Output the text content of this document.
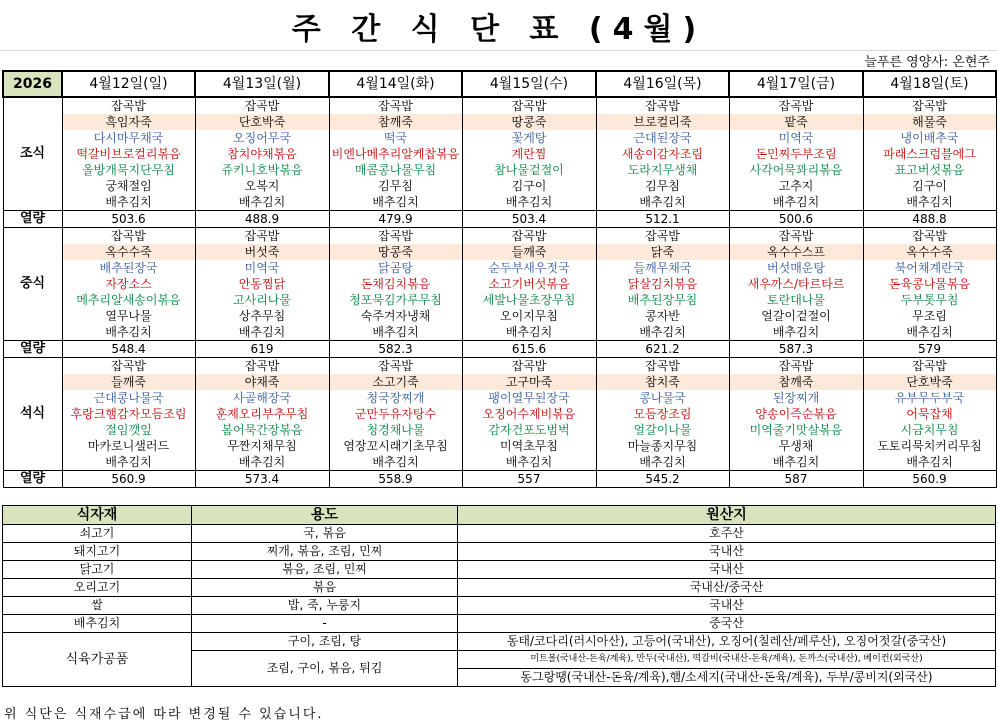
주 간 식 단 표 (4월)
늘푸른 영양사: 온현주
2026	4월12일(일)	4월13일(월)	4월14일(화)	4월15일(수)	4월16일(목)	4월17일(금)	4월18일(토)
조식	잡곡밥	잡곡밥	잡곡밥	잡곡밥	잡곡밥	잡곡밥	잡곡밥
	흑임자죽	단호박죽	참깨죽	땅콩죽	브로컬리죽	팥죽	해물죽
	다시마무채국	오징어무국	떡국	꽃게탕	근대된장국	미역국	냉이배추국
	떡갈비브로컬리볶음	참치야채볶음	비엔나메추리알케찹볶음	계란찜	새송이감자조림	돈민찌두부조림	파래스크럼블에그
	올방개묵지단무침	쥬키니호박볶음	매콤콩나물무침	참나물겉절이	도라지무생채	사각어묵꽈리볶음	표고버섯볶음
	궁채절임	오복지	김무침	김구이	김무침	고추지	김구이
	배추김치	배추김치	배추김치	배추김치	배추김치	배추김치	배추김치
열량	503.6	488.9	479.9	503.4	512.1	500.6	488.8
중식	잡곡밥	잡곡밥	잡곡밥	잡곡밥	잡곡밥	잡곡밥	잡곡밥
	옥수수죽	버섯죽	땅콩죽	들깨죽	닭죽	옥수수스프	옥수수죽
	배추된장국	미역국	닭곰탕	순두부새우젓국	들깨무채국	버섯매운탕	북어채계란국
	자장소스	안동찜닭	돈채김치볶음	소고기버섯볶음	닭살김치볶음	새우까스/타르타르	돈육콩나물볶음
	메추리알새송이볶음	고사리나물	청포묵김가루무침	세발나물초장무침	배추된장무침	토란대나물	두부톳무침
	열무나물	상추무침	숙주겨자냉채	오이지무침	콩자반	얼갈이겉절이	무조림
	배추김치	배추김치	배추김치	배추김치	배추김치	배추김치	배추김치
열량	548.4	619	582.3	615.6	621.2	587.3	579
석식	잡곡밥	잡곡밥	잡곡밥	잡곡밥	잡곡밥	잡곡밥	잡곡밥
	들깨죽	야채죽	소고기죽	고구마죽	참치죽	참깨죽	단호박죽
	근대콩나물국	사골해장국	청국장찌개	팽이열무된장국	콩나물국	된장찌개	유부무두부국
	후랑크햄감자모듬조림	훈제오리부추무침	군만두유자탕수	오징어수제비볶음	모듬장조림	양송이즉순볶음	어묵잡채
	절임깻잎	봄어묵간장볶음	청경채나물	감자건포도범벅	얼갈이나물	미역줄기맛살볶음	시금치무침
	마카로니샐러드	무짠지채무침	염장꼬시래기초무침	미역초무침	마늘종지무침	무생채	도토리묵치커리무침
	배추김치	배추김치	배추김치	배추김치	배추김치	배추김치	배추김치
열량	560.9	573.4	558.9	557	545.2	587	560.9
식자재	용도	원산지
쇠고기	국, 볶음	호주산
돼지고기	찌개, 볶음, 조림, 민찌	국내산
닭고기	볶음, 조림, 민찌	국내산
오리고기	볶음	국내산/중국산
쌀	밥, 죽, 누룽지	국내산
배추김치	-	중국산
식육가공품	구이, 조림, 탕	동태/코다리(러시아산), 고등어(국내산), 오징어(칠레산/페루산), 오징어젓갈(중국산)
	조림, 구이, 볶음, 튀김	미트볼(국내산-돈육/계육), 만두(국내산), 떡갈비(국내산-돈육/계육), 돈까스(국내산), 베이컨(외국산)
		동그랑땡(국내산-돈육/계육),햄/소세지(국내산-돈육/계육), 두부/콩비지(외국산)
위 식단은 식재수급에 따라 변경될 수 있습니다.
